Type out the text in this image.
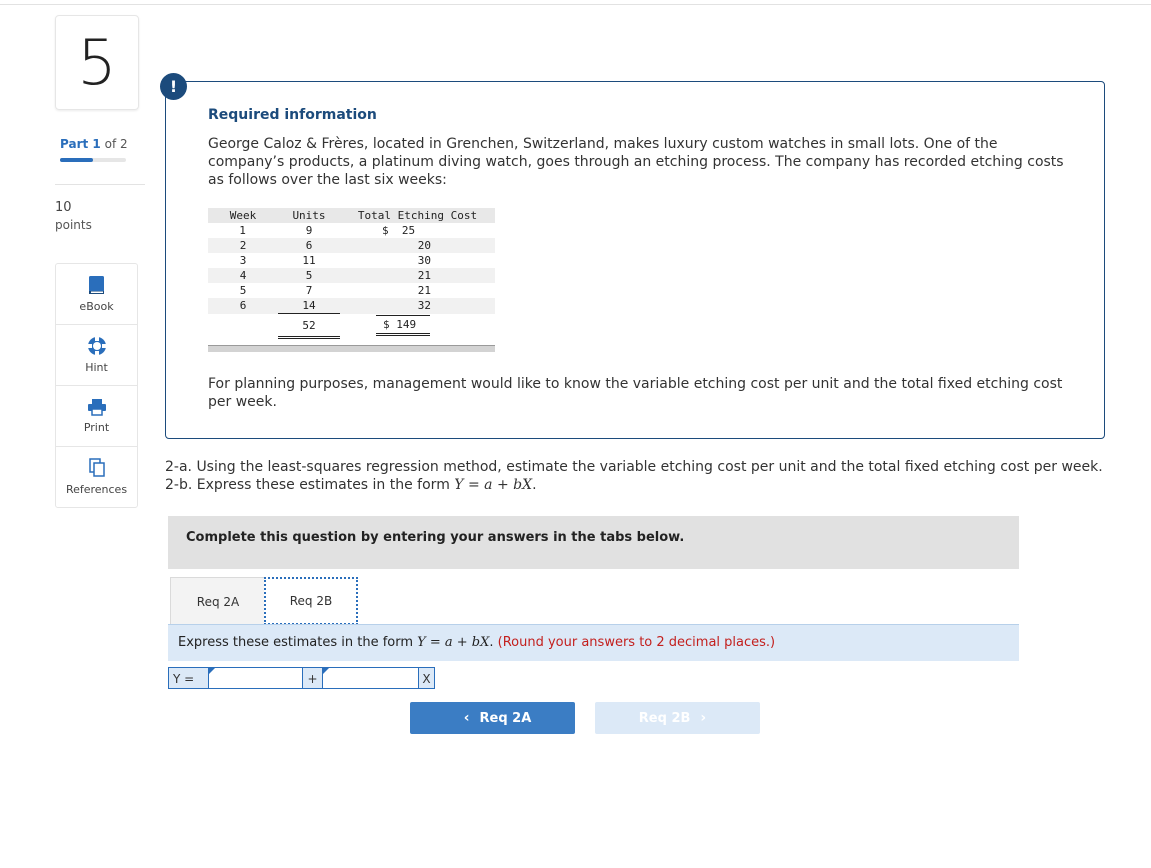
5
Part 1 of 2
10
points
eBook
Hint
Print
References
!
Required information
George Caloz & Frères, located in Grenchen, Switzerland, makes luxury custom watches in small lots. One of the company’s products, a platinum diving watch, goes through an etching process. The company has recorded etching costs as follows over the last six weeks:
Week	Units	Total Etching Cost
1	9	$  25
2	6	20
3	11	30
4	5	21
5	7	21
6	14	32
	52	$ 149
For planning purposes, management would like to know the variable etching cost per unit and the total fixed etching cost per week.
2-a. Using the least-squares regression method, estimate the variable etching cost per unit and the total fixed etching cost per week.
2-b. Express these estimates in the form Y = a + bX.
Complete this question by entering your answers in the tabs below.
Req 2A	Req 2B
Express these estimates in the form Y = a + bX. (Round your answers to 2 decimal places.)
Y =	+	X
‹ Req 2A	Req 2B ›
